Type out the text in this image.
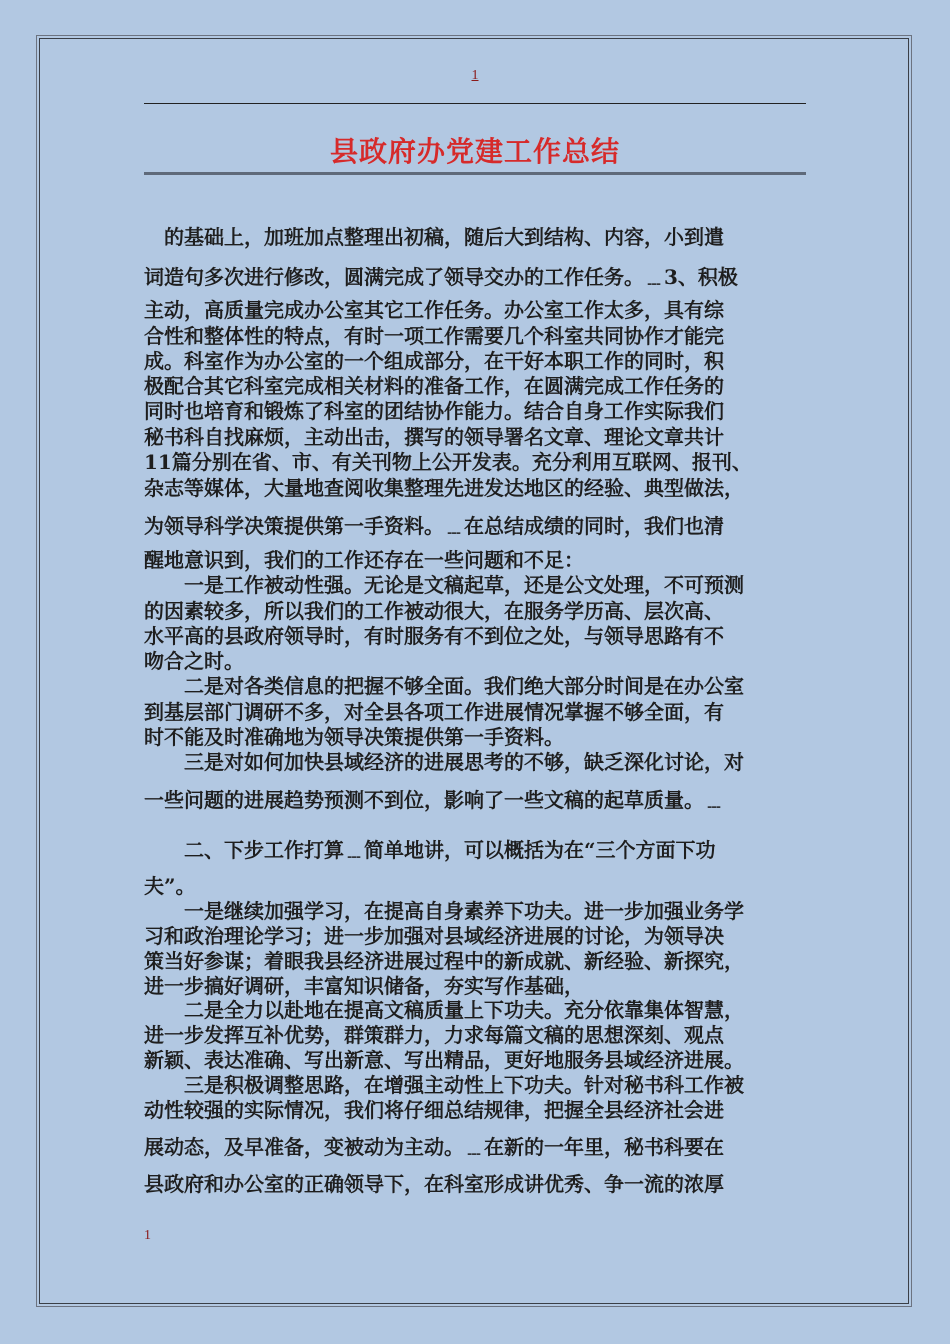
1
县政府办党建工作总结
　的基础上，加班加点整理出初稿，随后大到结构、内容，小到遣
词造句多次进行修改，圆满完成了领导交办的工作任务。﹍3、积极
主动，高质量完成办公室其它工作任务。办公室工作太多，具有综
合性和整体性的特点，有时一项工作需要几个科室共同协作才能完
成。科室作为办公室的一个组成部分，在干好本职工作的同时，积
极配合其它科室完成相关材料的准备工作，在圆满完成工作任务的
同时也培育和锻炼了科室的团结协作能力。结合自身工作实际我们
秘书科自找麻烦，主动出击，撰写的领导署名文章、理论文章共计
11篇分别在省、市、有关刊物上公开发表。充分利用互联网、报刊、
杂志等媒体，大量地查阅收集整理先进发达地区的经验、典型做法，
为领导科学决策提供第一手资料。﹍在总结成绩的同时，我们也清
醒地意识到，我们的工作还存在一些问题和不足：
　　一是工作被动性强。无论是文稿起草，还是公文处理，不可预测
的因素较多，所以我们的工作被动很大，在服务学历高、层次高、
水平高的县政府领导时，有时服务有不到位之处，与领导思路有不
吻合之时。
　　二是对各类信息的把握不够全面。我们绝大部分时间是在办公室
到基层部门调研不多，对全县各项工作进展情况掌握不够全面，有
时不能及时准确地为领导决策提供第一手资料。
　　三是对如何加快县域经济的进展思考的不够，缺乏深化讨论，对
一些问题的进展趋势预测不到位，影响了一些文稿的起草质量。﹍
　　二、下步工作打算﹍简单地讲，可以概括为在“三个方面下功
夫”。
　　一是继续加强学习，在提高自身素养下功夫。进一步加强业务学
习和政治理论学习；进一步加强对县域经济进展的讨论，为领导决
策当好参谋；着眼我县经济进展过程中的新成就、新经验、新探究，
进一步搞好调研，丰富知识储备，夯实写作基础，
　　二是全力以赴地在提高文稿质量上下功夫。充分依靠集体智慧，
进一步发挥互补优势，群策群力，力求每篇文稿的思想深刻、观点
新颖、表达准确、写出新意、写出精品，更好地服务县域经济进展。
　　三是积极调整思路，在增强主动性上下功夫。针对秘书科工作被
动性较强的实际情况，我们将仔细总结规律，把握全县经济社会进
展动态，及早准备，变被动为主动。﹍在新的一年里，秘书科要在
县政府和办公室的正确领导下，在科室形成讲优秀、争一流的浓厚
1
